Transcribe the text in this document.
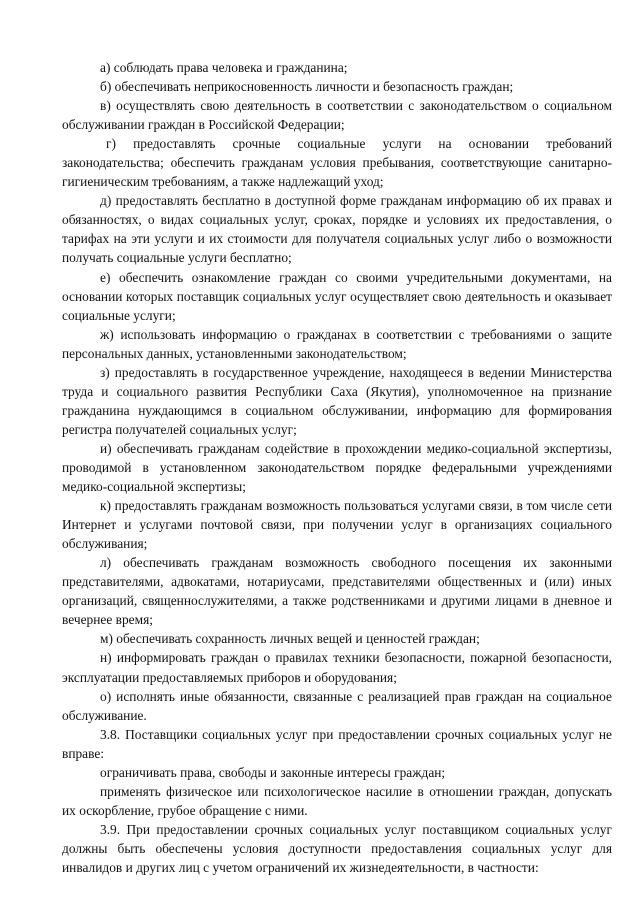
а) соблюдать права человека и гражданина;

б) обеспечивать неприкосновенность личности и безопасность граждан;

в) осуществлять свою деятельность в соответствии с законодательством о социальном обслуживании граждан в Российской Федерации;

г) предоставлять срочные социальные услуги на основании требований законодательства; обеспечить гражданам условия пребывания, соответствующие санитарно-гигиеническим требованиям, а также надлежащий уход;

д) предоставлять бесплатно в доступной форме гражданам информацию об их правах и обязанностях, о видах социальных услуг, сроках, порядке и условиях их предоставления, о тарифах на эти услуги и их стоимости для получателя социальных услуг либо о возможности получать социальные услуги бесплатно;

е) обеспечить ознакомление граждан со своими учредительными документами, на основании которых поставщик социальных услуг осуществляет свою деятельность и оказывает социальные услуги;

ж) использовать информацию о гражданах в соответствии с требованиями о защите персональных данных, установленными законодательством;

з) предоставлять в государственное учреждение, находящееся в ведении Министерства труда и социального развития Республики Саха (Якутия), уполномоченное на признание гражданина нуждающимся в социальном обслуживании, информацию для формирования регистра получателей социальных услуг;

и) обеспечивать гражданам содействие в прохождении медико-социальной экспертизы, проводимой в установленном законодательством порядке федеральными учреждениями медико-социальной экспертизы;

к) предоставлять гражданам возможность пользоваться услугами связи, в том числе сети Интернет и услугами почтовой связи, при получении услуг в организациях социального обслуживания;

л) обеспечивать гражданам возможность свободного посещения их законными представителями, адвокатами, нотариусами, представителями общественных и (или) иных организаций, священнослужителями, а также родственниками и другими лицами в дневное и вечернее время;

м) обеспечивать сохранность личных вещей и ценностей граждан;

н) информировать граждан о правилах техники безопасности, пожарной безопасности, эксплуатации предоставляемых приборов и оборудования;

о) исполнять иные обязанности, связанные с реализацией прав граждан на социальное обслуживание.

3.8. Поставщики социальных услуг при предоставлении срочных социальных услуг не вправе:

ограничивать права, свободы и законные интересы граждан;

применять физическое или психологическое насилие в отношении граждан, допускать их оскорбление, грубое обращение с ними.

3.9. При предоставлении срочных социальных услуг поставщиком социальных услуг должны быть обеспечены условия доступности предоставления социальных услуг для инвалидов и других лиц с учетом ограничений их жизнедеятельности, в частности:
